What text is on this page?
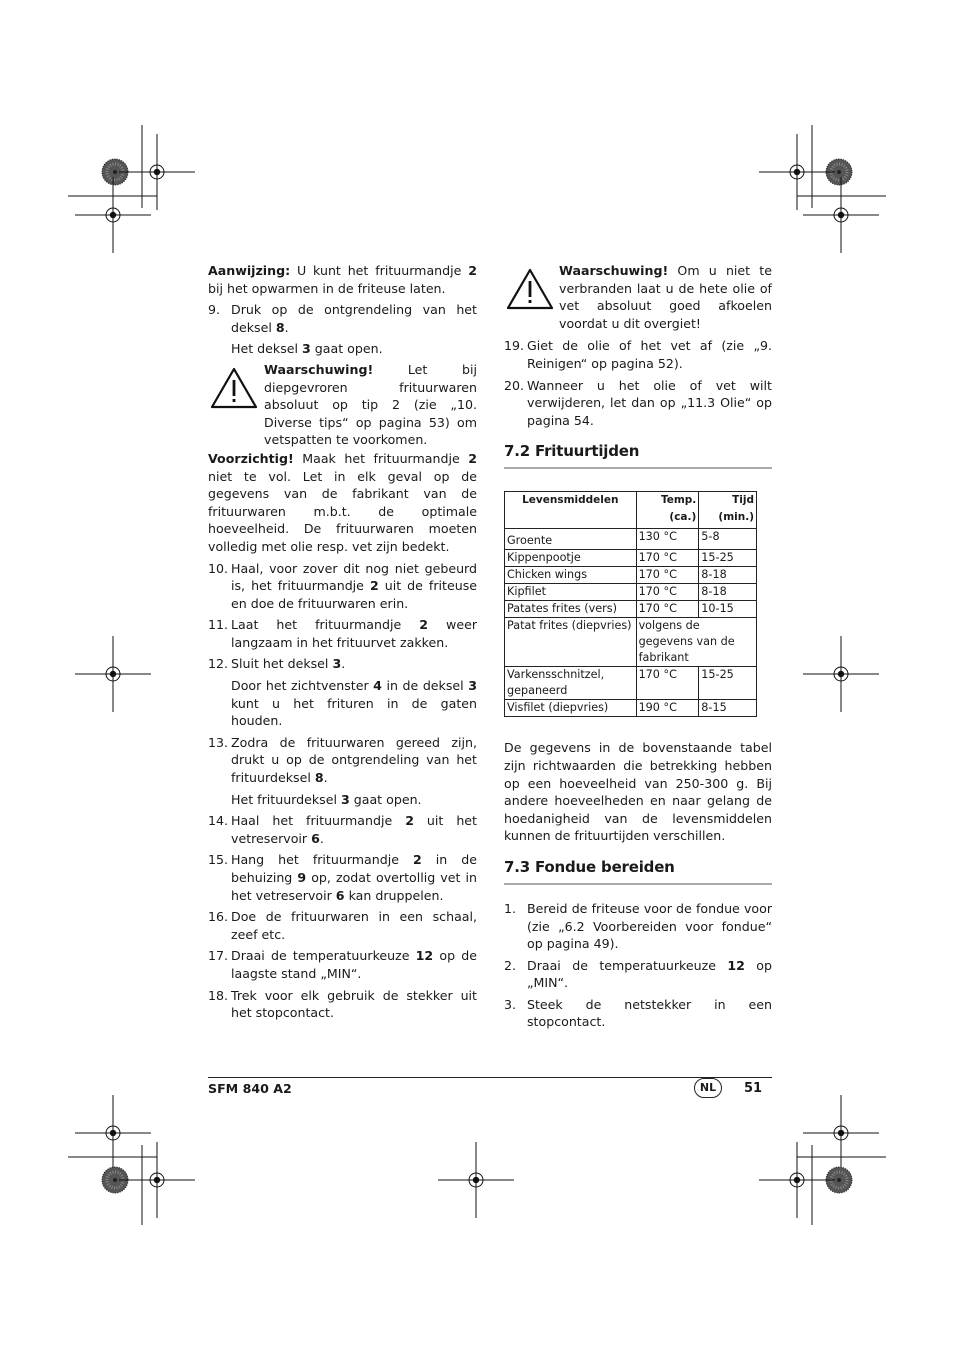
Aanwijzing: U kunt het frituurmandje 2 bij het opwarmen in de friteuse laten.

9. Druk op de ontgrendeling van het deksel 8.

Het deksel 3 gaat open.

Waarschuwing! Let bij diepgevroren frituurwaren absoluut op tip 2 (zie „10. Diverse tips“ op pagina 53) om vetspatten te voorkomen.

Voorzichtig! Maak het frituurmandje 2 niet te vol. Let in elk geval op de gegevens van de fabrikant van de frituurwaren m.b.t. de optimale hoeveelheid. De frituurwaren moeten volledig met olie resp. vet zijn bedekt.

10. Haal, voor zover dit nog niet gebeurd is, het frituurmandje 2 uit de friteuse en doe de frituurwaren erin.
11. Laat het frituurmandje 2 weer langzaam in het frituurvet zakken.
12. Sluit het deksel 3.

Door het zichtvenster 4 in de deksel 3 kunt u het frituren in de gaten houden.

13. Zodra de frituurwaren gereed zijn, drukt u op de ontgrendeling van het frituurdeksel 8.

Het frituurdeksel 3 gaat open.

14. Haal het frituurmandje 2 uit het vetreservoir 6.
15. Hang het frituurmandje 2 in de behuizing 9 op, zodat overtollig vet in het vetreservoir 6 kan druppelen.
16. Doe de frituurwaren in een schaal, zeef etc.
17. Draai de temperatuurkeuze 12 op de laagste stand „MIN“.
18. Trek voor elk gebruik de stekker uit het stopcontact.
Waarschuwing! Om u niet te verbranden laat u de hete olie of vet absoluut goed afkoelen voordat u dit overgiet!
19. Giet de olie of het vet af (zie „9. Reinigen“ op pagina 52).
20. Wanneer u het olie of vet wilt verwijderen, let dan op „11.3 Olie“ op pagina 54.
7.2 Frituurtijden
Levensmiddelen	Temp. (ca.)	Tijd (min.)
Groente	130 °C	5-8
Kippenpootje	170 °C	15-25
Chicken wings	170 °C	8-18
Kipfilet	170 °C	8-18
Patates frites (vers)	170 °C	10-15
Patat frites (diepvries)	volgens de gegevens van de fabrikant	
Varkensschnitzel, gepaneerd	170 °C	15-25
Visfilet (diepvries)	190 °C	8-15

De gegevens in de bovenstaande tabel zijn richtwaarden die betrekking hebben op een hoeveelheid van 250-300 g. Bij andere hoeveelheden en naar gelang de hoedanigheid van de levensmiddelen kunnen de frituurtijden verschillen.

7.3 Fondue bereiden
1. Bereid de friteuse voor de fondue voor (zie „6.2 Voorbereiden voor fondue“ op pagina 49).
2. Draai de temperatuurkeuze 12 op „MIN“.
3. Steek de netstekker in een stopcontact.
SFM 840 A2	NL	51
